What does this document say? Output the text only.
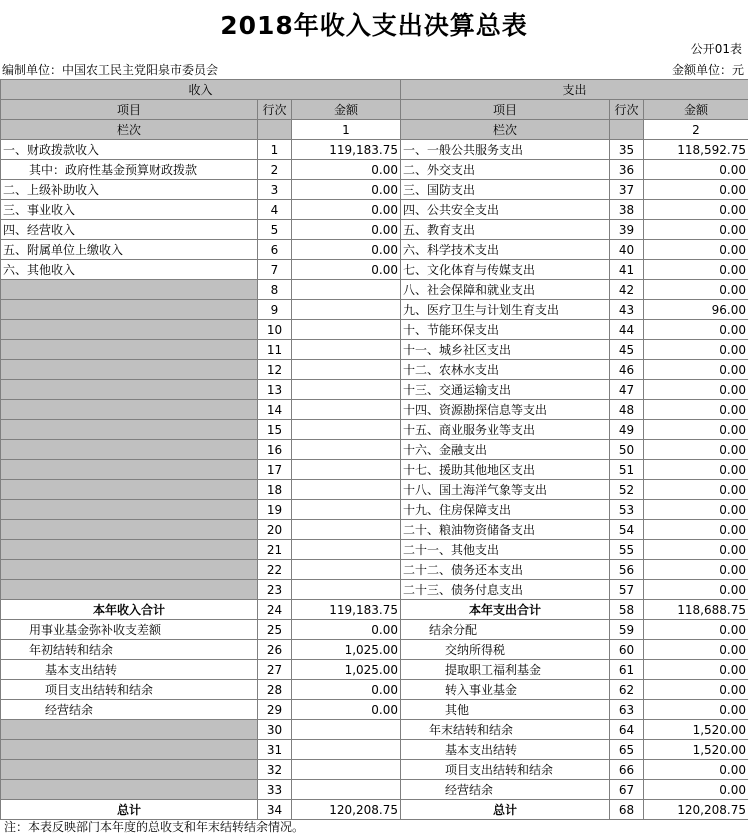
2018年收入支出决算总表
公开01表
编制单位：中国农工民主党阳泉市委员会	金额单位：元
收入			支出		
项目	行次	金额	项目	行次	金额
栏次		1	栏次		2
一、财政拨款收入	1	119,183.75	一、一般公共服务支出	35	118,592.75
其中：政府性基金预算财政拨款	2	0.00	二、外交支出	36	0.00
二、上级补助收入	3	0.00	三、国防支出	37	0.00
三、事业收入	4	0.00	四、公共安全支出	38	0.00
四、经营收入	5	0.00	五、教育支出	39	0.00
五、附属单位上缴收入	6	0.00	六、科学技术支出	40	0.00
六、其他收入	7	0.00	七、文化体育与传媒支出	41	0.00
	8		八、社会保障和就业支出	42	0.00
	9		九、医疗卫生与计划生育支出	43	96.00
	10		十、节能环保支出	44	0.00
	11		十一、城乡社区支出	45	0.00
	12		十二、农林水支出	46	0.00
	13		十三、交通运输支出	47	0.00
	14		十四、资源勘探信息等支出	48	0.00
	15		十五、商业服务业等支出	49	0.00
	16		十六、金融支出	50	0.00
	17		十七、援助其他地区支出	51	0.00
	18		十八、国土海洋气象等支出	52	0.00
	19		十九、住房保障支出	53	0.00
	20		二十、粮油物资储备支出	54	0.00
	21		二十一、其他支出	55	0.00
	22		二十二、债务还本支出	56	0.00
	23		二十三、债务付息支出	57	0.00
本年收入合计	24	119,183.75	本年支出合计	58	118,688.75
用事业基金弥补收支差额	25	0.00	结余分配	59	0.00
年初结转和结余	26	1,025.00	交纳所得税	60	0.00
基本支出结转	27	1,025.00	提取职工福利基金	61	0.00
项目支出结转和结余	28	0.00	转入事业基金	62	0.00
经营结余	29	0.00	其他	63	0.00
	30		年末结转和结余	64	1,520.00
	31		基本支出结转	65	1,520.00
	32		项目支出结转和结余	66	0.00
	33		经营结余	67	0.00
总计	34	120,208.75	总计	68	120,208.75
注：本表反映部门本年度的总收支和年末结转结余情况。
